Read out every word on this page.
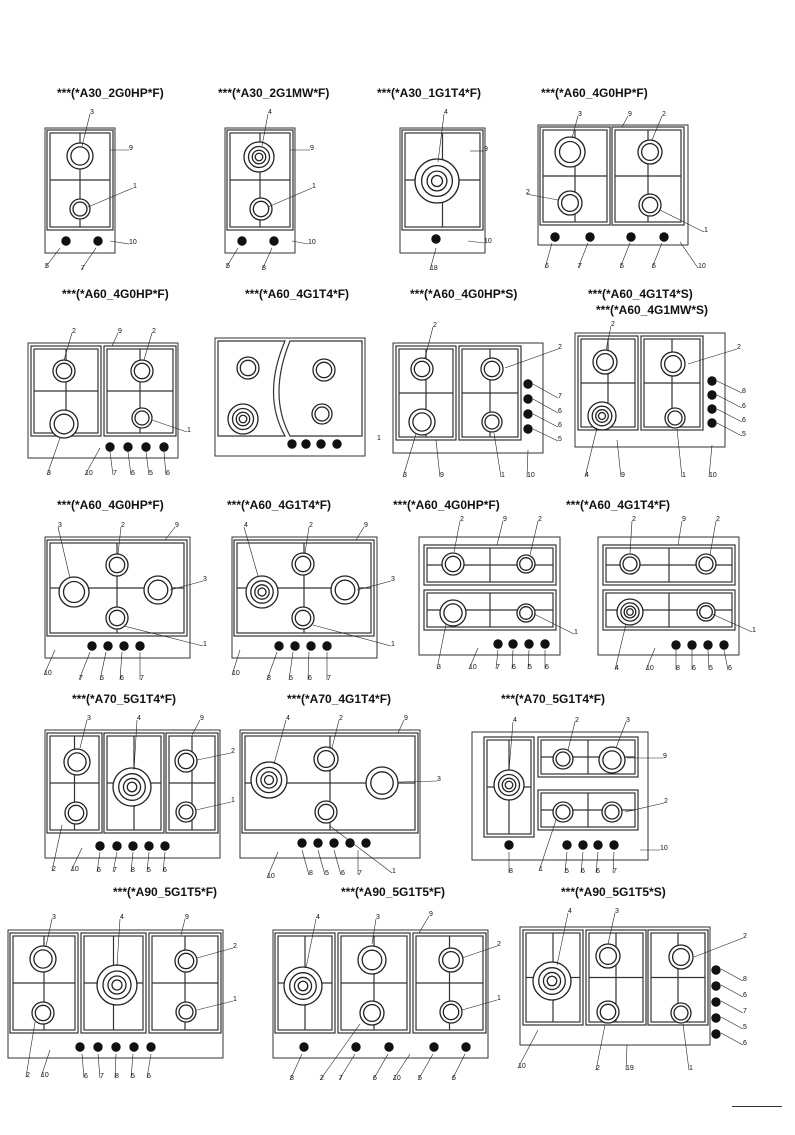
***(*A30_2G0HP*F)	***(*A30_2G1MW*F)	***(*A30_1G1T4*F)	***(*A60_4G0HP*F)
***(*A60_4G0HP*F)	***(*A60_4G1T4*F)	***(*A60_4G0HP*S)	***(*A60_4G1T4*S)
***(*A60_4G1MW*S)
***(*A60_4G0HP*F)	***(*A60_4G1T4*F)	***(*A60_4G0HP*F)	***(*A60_4G1T4*F)
***(*A70_5G1T4*F)	***(*A70_4G1T4*F)	***(*A70_5G1T4*F)
***(*A90_5G1T5*F)	***(*A90_5G1T5*F)	***(*A90_5G1T5*S)
3
9
1
10
5	7
4
9
1
10
5	8
4
9
10
18
3	9	2
2
1
6	7	5	6	10
2	9	2
1
3	10	7 6 5 6
1
2
2
7
6
6
5
3	9	1	10
2
2
8
6
6
5
4	9	1	10
3	2	9
3
1
10
7 5 6 7
4	2	9
3
1
10
8	5 6 7
2	9	2
1
3	10	7 6 5 6
2	9	2
1
4	10	8 6 5 6
3	4	9
2
1
2 10	6 7 8 5 6
4	2	9
3
1
10	8 5 6 7
4	2	3
9
2
1
8	5 6 6 7
10
3	4	9
2
1
2 10	6 7 8 5 6
4	3	9
2
1
8	2 7	6 10 5	6
4	3
2
8
6
7
5
6
10	2	19	1
